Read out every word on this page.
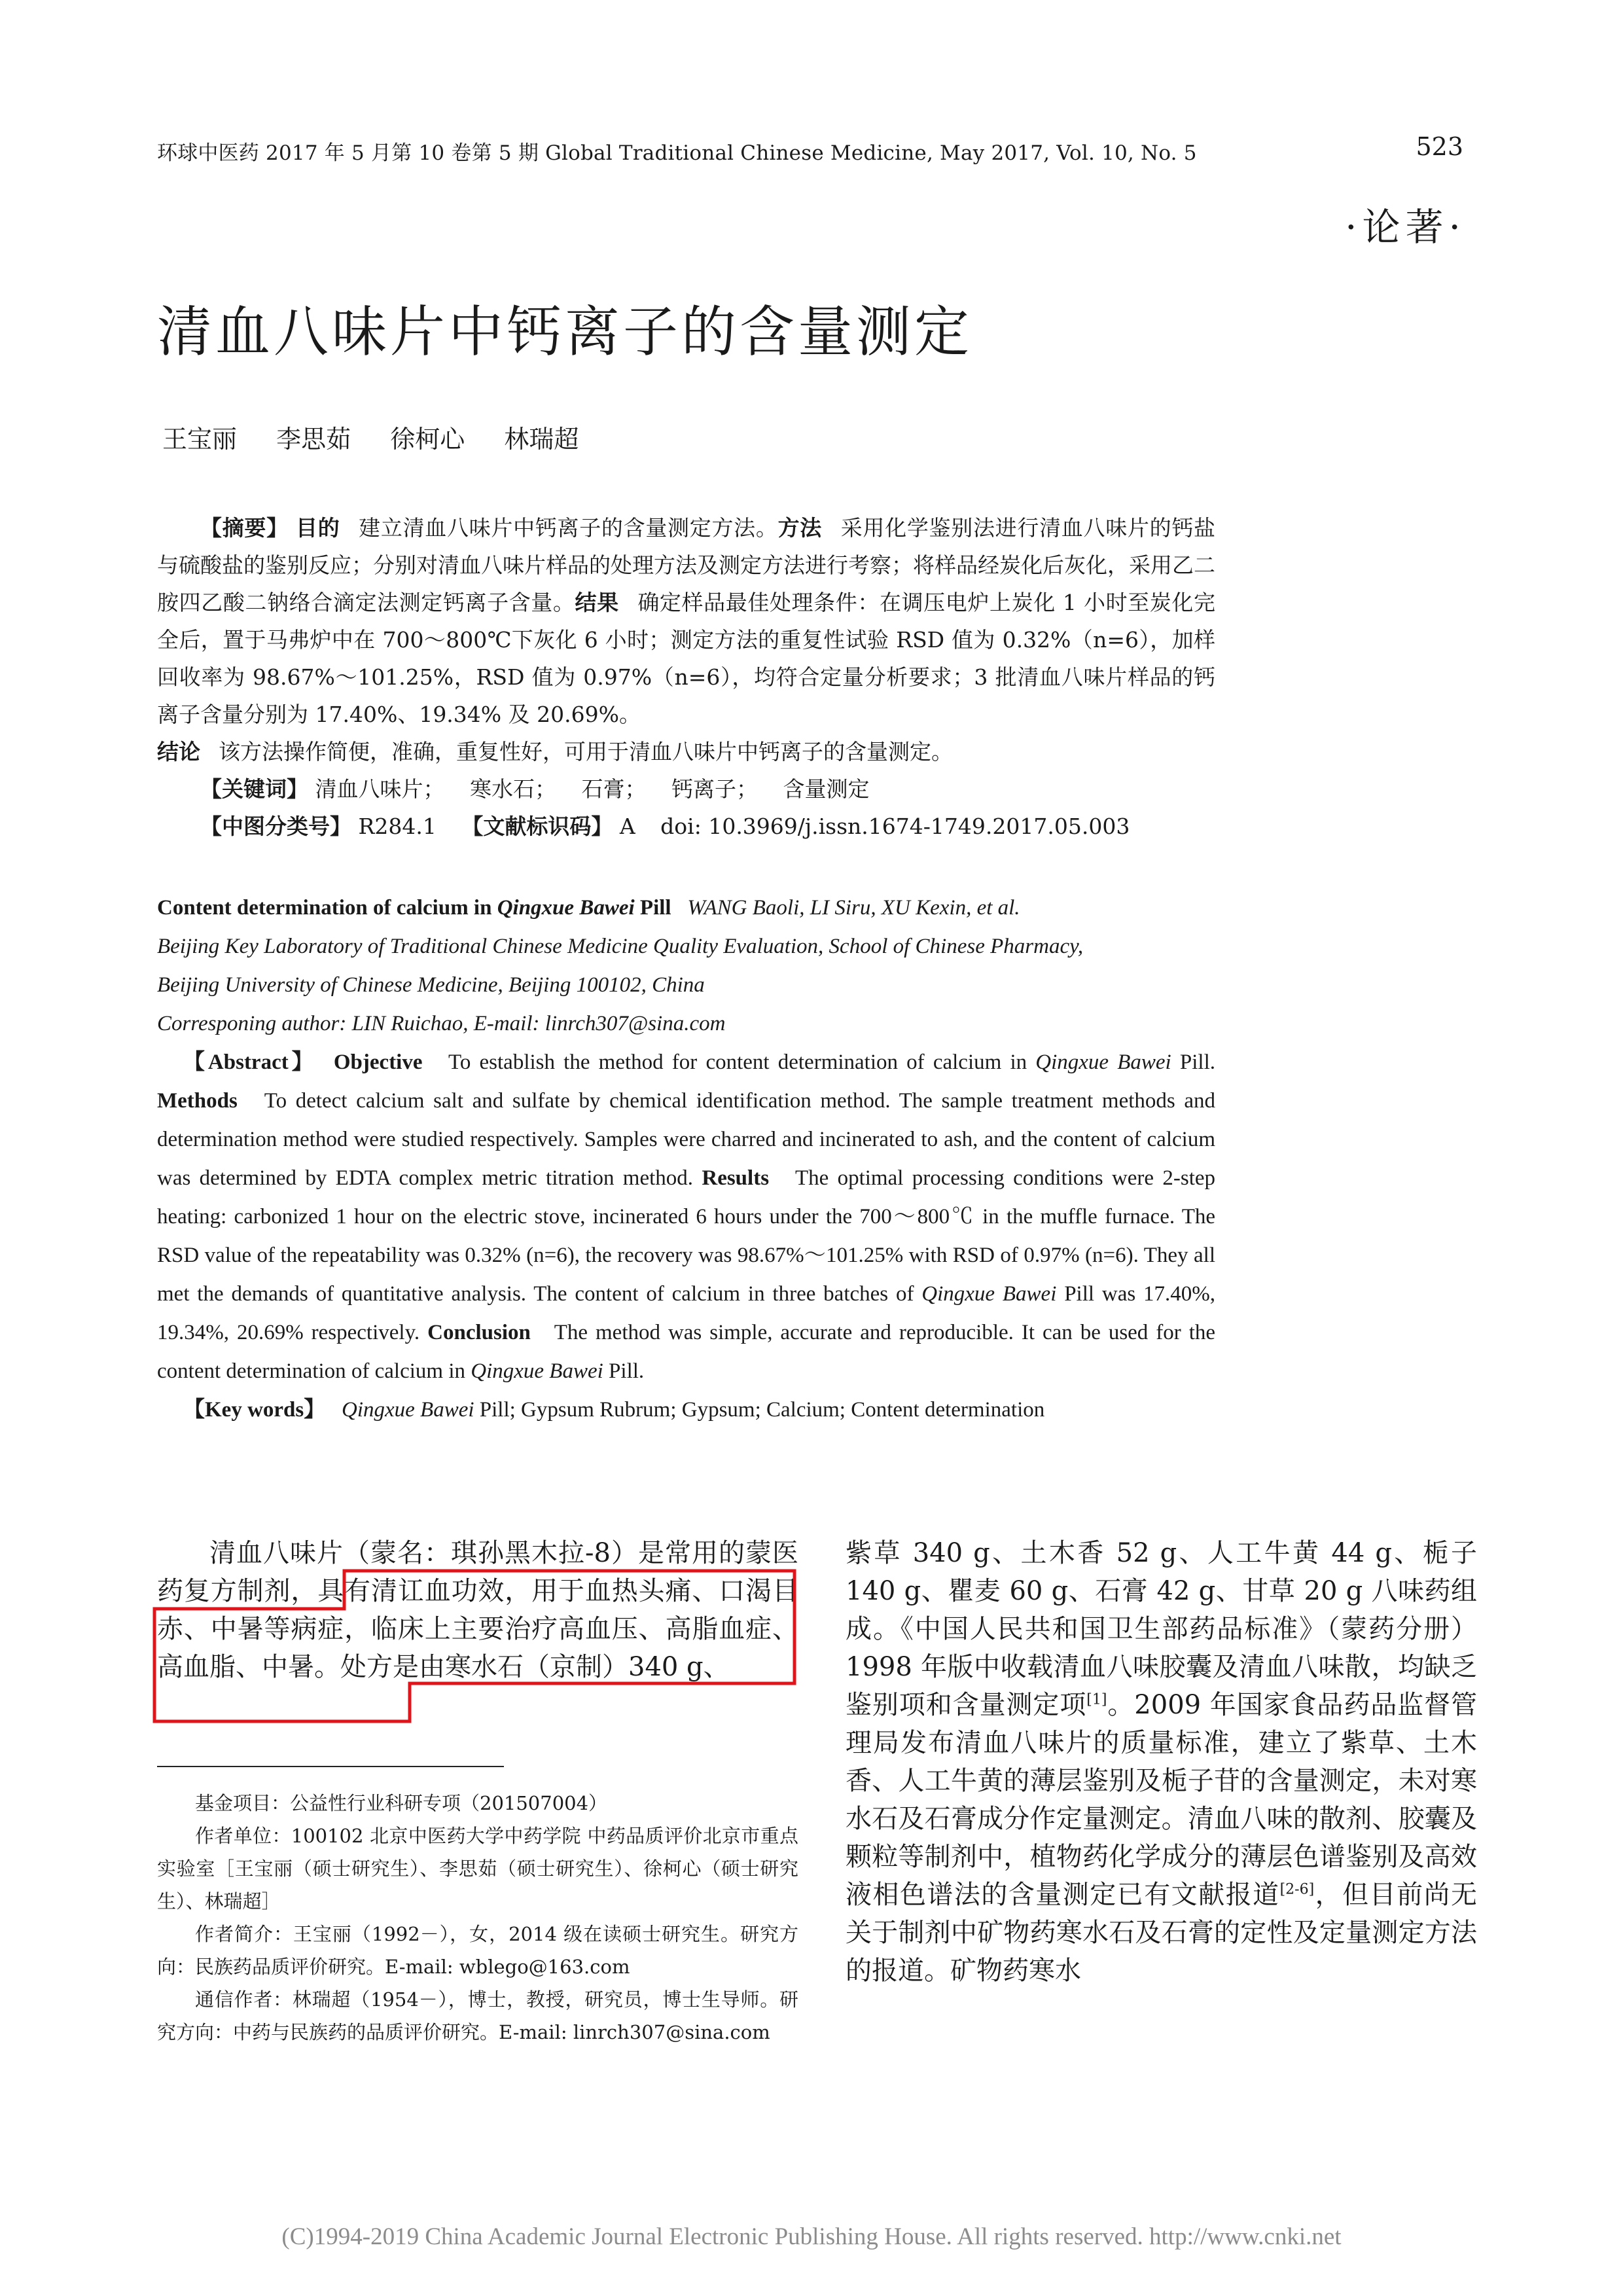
环球中医药 2017 年 5 月第 10 卷第 5 期 Global Traditional Chinese Medicine, May 2017, Vol. 10, No. 5	523
·论著·
清血八味片中钙离子的含量测定
王宝丽 李思茹 徐柯心 林瑞超

【摘要】 目的 建立清血八味片中钙离子的含量测定方法。方法 采用化学鉴别法进行清血八味片的钙盐与硫酸盐的鉴别反应；分别对清血八味片样品的处理方法及测定方法进行考察；将样品经炭化后灰化，采用乙二胺四乙酸二钠络合滴定法测定钙离子含量。结果 确定样品最佳处理条件：在调压电炉上炭化 1 小时至炭化完全后，置于马弗炉中在 700～800℃下灰化 6 小时；测定方法的重复性试验 RSD 值为 0.32%（n=6），加样回收率为 98.67%～101.25%，RSD 值为 0.97%（n=6），均符合定量分析要求；3 批清血八味片样品的钙离子含量分别为 17.40%、19.34% 及 20.69%。

结论 该方法操作简便，准确，重复性好，可用于清血八味片中钙离子的含量测定。

【关键词】 清血八味片； 寒水石； 石膏； 钙离子； 含量测定

【中图分类号】 R284.1 【文献标识码】 A doi: 10.3969/j.issn.1674-1749.2017.05.003

Content determination of calcium in Qingxue Bawei Pill WANG Baoli, LI Siru, XU Kexin, et al.

Beijing Key Laboratory of Traditional Chinese Medicine Quality Evaluation, School of Chinese Pharmacy,

Beijing University of Chinese Medicine, Beijing 100102, China

Corresponing author: LIN Ruichao, E-mail: linrch307@sina.com

【Abstract】 Objective To establish the method for content determination of calcium in Qingxue Bawei Pill. Methods To detect calcium salt and sulfate by chemical identification method. The sample treatment methods and determination method were studied respectively. Samples were charred and incinerated to ash, and the content of calcium was determined by EDTA complex metric titration method. Results The optimal processing conditions were 2-step heating: carbonized 1 hour on the electric stove, incinerated 6 hours under the 700～800℃ in the muffle furnace. The RSD value of the repeatability was 0.32% (n=6), the recovery was 98.67%～101.25% with RSD of 0.97% (n=6). They all met the demands of quantitative analysis. The content of calcium in three batches of Qingxue Bawei Pill was 17.40%, 19.34%, 20.69% respectively. Conclusion The method was simple, accurate and reproducible. It can be used for the content determination of calcium in Qingxue Bawei Pill.

【Key words】 Qingxue Bawei Pill; Gypsum Rubrum; Gypsum; Calcium; Content determination

清血八味片（蒙名：琪孙黑木拉-8）是常用的蒙医药复方制剂，具有清讧血功效，用于血热头痛、口渴目赤、中暑等病症，临床上主要治疗高血压、高脂血症、高血脂、中暑。处方是由寒水石（京制）340 g、

基金项目：公益性行业科研专项（201507004）

作者单位：100102 北京中医药大学中药学院 中药品质评价北京市重点实验室［王宝丽（硕士研究生）、李思茹（硕士研究生）、徐柯心（硕士研究生）、林瑞超］

作者简介：王宝丽（1992－），女，2014 级在读硕士研究生。研究方向：民族药品质评价研究。E-mail: wblego@163.com

通信作者：林瑞超（1954－），博士，教授，研究员，博士生导师。研究方向：中药与民族药的品质评价研究。E-mail: linrch307@sina.com

紫草 340 g、土木香 52 g、人工牛黄 44 g、栀子 140 g、瞿麦 60 g、石膏 42 g、甘草 20 g 八味药组成。《中国人民共和国卫生部药品标准》（蒙药分册）1998 年版中收载清血八味胶囊及清血八味散，均缺乏鉴别项和含量测定项[1]。2009 年国家食品药品监督管理局发布清血八味片的质量标准，建立了紫草、土木香、人工牛黄的薄层鉴别及栀子苷的含量测定，未对寒水石及石膏成分作定量测定。清血八味的散剂、胶囊及颗粒等制剂中，植物药化学成分的薄层色谱鉴别及高效液相色谱法的含量测定已有文献报道[2-6]，但目前尚无关于制剂中矿物药寒水石及石膏的定性及定量测定方法的报道。矿物药寒水

(C)1994-2019 China Academic Journal Electronic Publishing House. All rights reserved. http://www.cnki.net
